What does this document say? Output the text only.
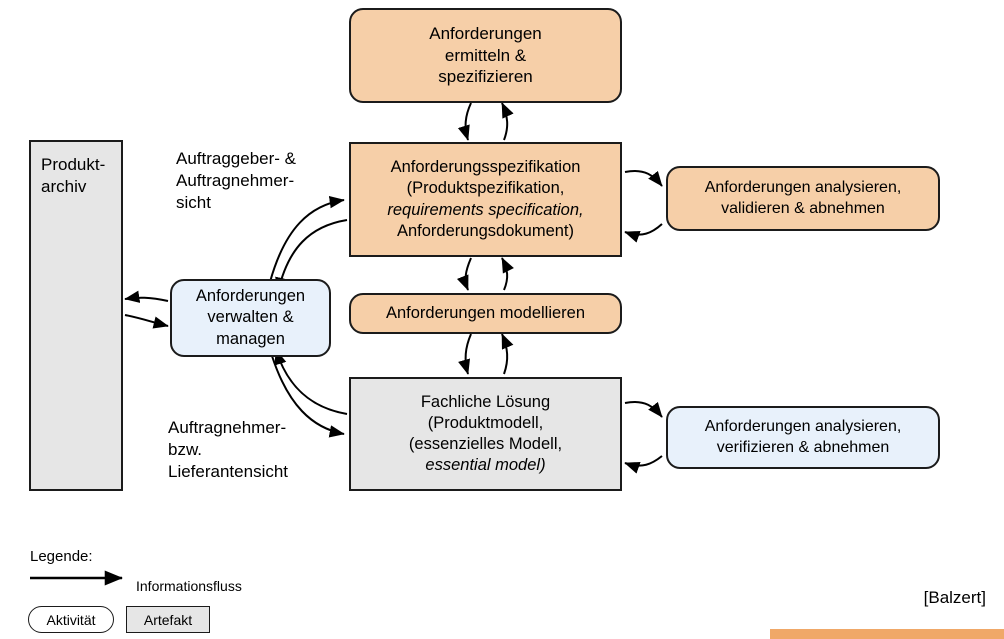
Produkt-
archiv
Anforderungen
ermitteln &
spezifizieren
Anforderungsspezifikation
(Produktspezifikation,
requirements specification,
Anforderungsdokument)
Anforderungen analysieren,
validieren & abnehmen
Anforderungen modellieren
Anforderungen
verwalten &
managen
Fachliche Lösung
(Produktmodell,
(essenzielles Modell,
essential model)
Anforderungen analysieren,
verifizieren & abnehmen
Auftraggeber- &
Auftragnehmer-
sicht
Auftragnehmer-
bzw.
Lieferantensicht
Legende:
Informationsfluss
Aktivität	Artefakt
[Balzert]
